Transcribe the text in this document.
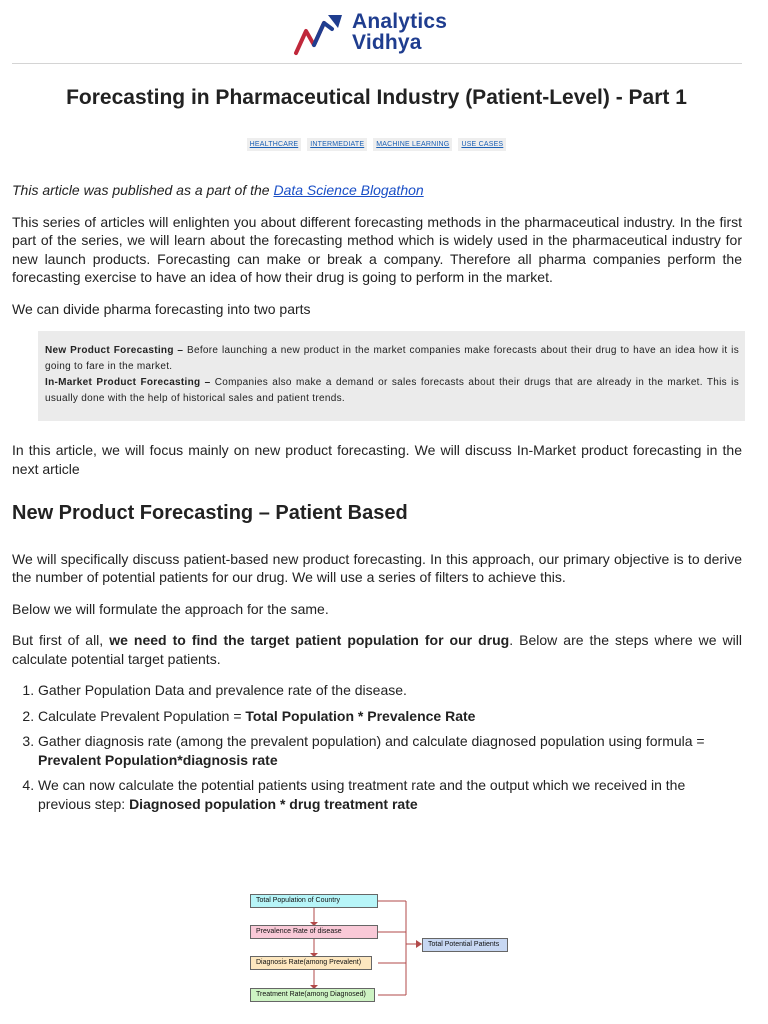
Analytics
Vidhya
Forecasting in Pharmaceutical Industry (Patient-Level) - Part 1
HEALTHCARE INTERMEDIATE MACHINE LEARNING USE CASES

This article was published as a part of the Data Science Blogathon

This series of articles will enlighten you about different forecasting methods in the pharmaceutical industry. In the first part of the series, we will learn about the forecasting method which is widely used in the pharmaceutical industry for new launch products. Forecasting can make or break a company. Therefore all pharma companies perform the forecasting exercise to have an idea of how their drug is going to perform in the market.

We can divide pharma forecasting into two parts

New Product Forecasting – Before launching a new product in the market companies make forecasts about their drug to have an idea how it is going to fare in the market.
In-Market Product Forecasting – Companies also make a demand or sales forecasts about their drugs that are already in the market. This is usually done with the help of historical sales and patient trends.

In this article, we will focus mainly on new product forecasting. We will discuss In-Market product forecasting in the next article

New Product Forecasting – Patient Based

We will specifically discuss patient-based new product forecasting. In this approach, our primary objective is to derive the number of potential patients for our drug. We will use a series of filters to achieve this.

Below we will formulate the approach for the same.

But first of all, we need to find the target patient population for our drug. Below are the steps where we will calculate potential target patients.

1. Gather Population Data and prevalence rate of the disease.
2. Calculate Prevalent Population = Total Population * Prevalence Rate
3. Gather diagnosis rate (among the prevalent population) and calculate diagnosed population using formula = Prevalent Population*diagnosis rate
4. We can now calculate the potential patients using treatment rate and the output which we received in the previous step: Diagnosed population * drug treatment rate
Total Population of Country
Prevalence Rate of disease
Diagnosis Rate(among Prevalent)
Treatment Rate(among Diagnosed)
Total Potential Patients
